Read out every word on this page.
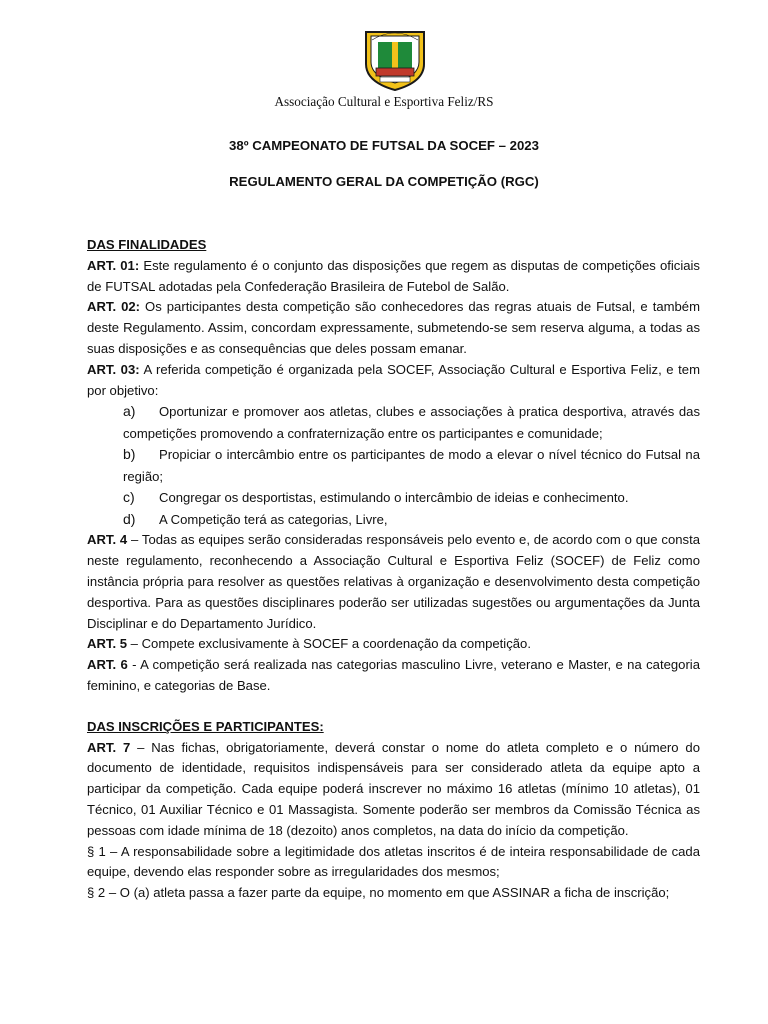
Associação Cultural e Esportiva Feliz/RS
38º CAMPEONATO DE FUTSAL DA SOCEF – 2023
REGULAMENTO GERAL DA COMPETIÇÃO (RGC)

DAS FINALIDADES

ART. 01: Este regulamento é o conjunto das disposições que regem as disputas de competições oficiais de FUTSAL adotadas pela Confederação Brasileira de Futebol de Salão.

ART. 02: Os participantes desta competição são conhecedores das regras atuais de Futsal, e também deste Regulamento. Assim, concordam expressamente, submetendo-se sem reserva alguma, a todas as suas disposições e as consequências que deles possam emanar.

ART. 03: A referida competição é organizada pela SOCEF, Associação Cultural e Esportiva Feliz, e tem por objetivo:

a) Oportunizar e promover aos atletas, clubes e associações à pratica desportiva, através das competições promovendo a confraternização entre os participantes e comunidade;

b) Propiciar o intercâmbio entre os participantes de modo a elevar o nível técnico do Futsal na região;

c) Congregar os desportistas, estimulando o intercâmbio de ideias e conhecimento.

d) A Competição terá as categorias, Livre,

ART. 4 – Todas as equipes serão consideradas responsáveis pelo evento e, de acordo com o que consta neste regulamento, reconhecendo a Associação Cultural e Esportiva Feliz (SOCEF) de Feliz como instância própria para resolver as questões relativas à organização e desenvolvimento desta competição desportiva. Para as questões disciplinares poderão ser utilizadas sugestões ou argumentações da Junta Disciplinar e do Departamento Jurídico.

ART. 5 – Compete exclusivamente à SOCEF a coordenação da competição.

ART. 6 - A competição será realizada nas categorias masculino Livre, veterano e Master, e na categoria feminino, e categorias de Base.

DAS INSCRIÇÕES E PARTICIPANTES:

ART. 7 – Nas fichas, obrigatoriamente, deverá constar o nome do atleta completo e o número do documento de identidade, requisitos indispensáveis para ser considerado atleta da equipe apto a participar da competição. Cada equipe poderá inscrever no máximo 16 atletas (mínimo 10 atletas), 01 Técnico, 01 Auxiliar Técnico e 01 Massagista. Somente poderão ser membros da Comissão Técnica as pessoas com idade mínima de 18 (dezoito) anos completos, na data do início da competição.

§ 1 – A responsabilidade sobre a legitimidade dos atletas inscritos é de inteira responsabilidade de cada equipe, devendo elas responder sobre as irregularidades dos mesmos;

§ 2 – O (a) atleta passa a fazer parte da equipe, no momento em que ASSINAR a ficha de inscrição;
